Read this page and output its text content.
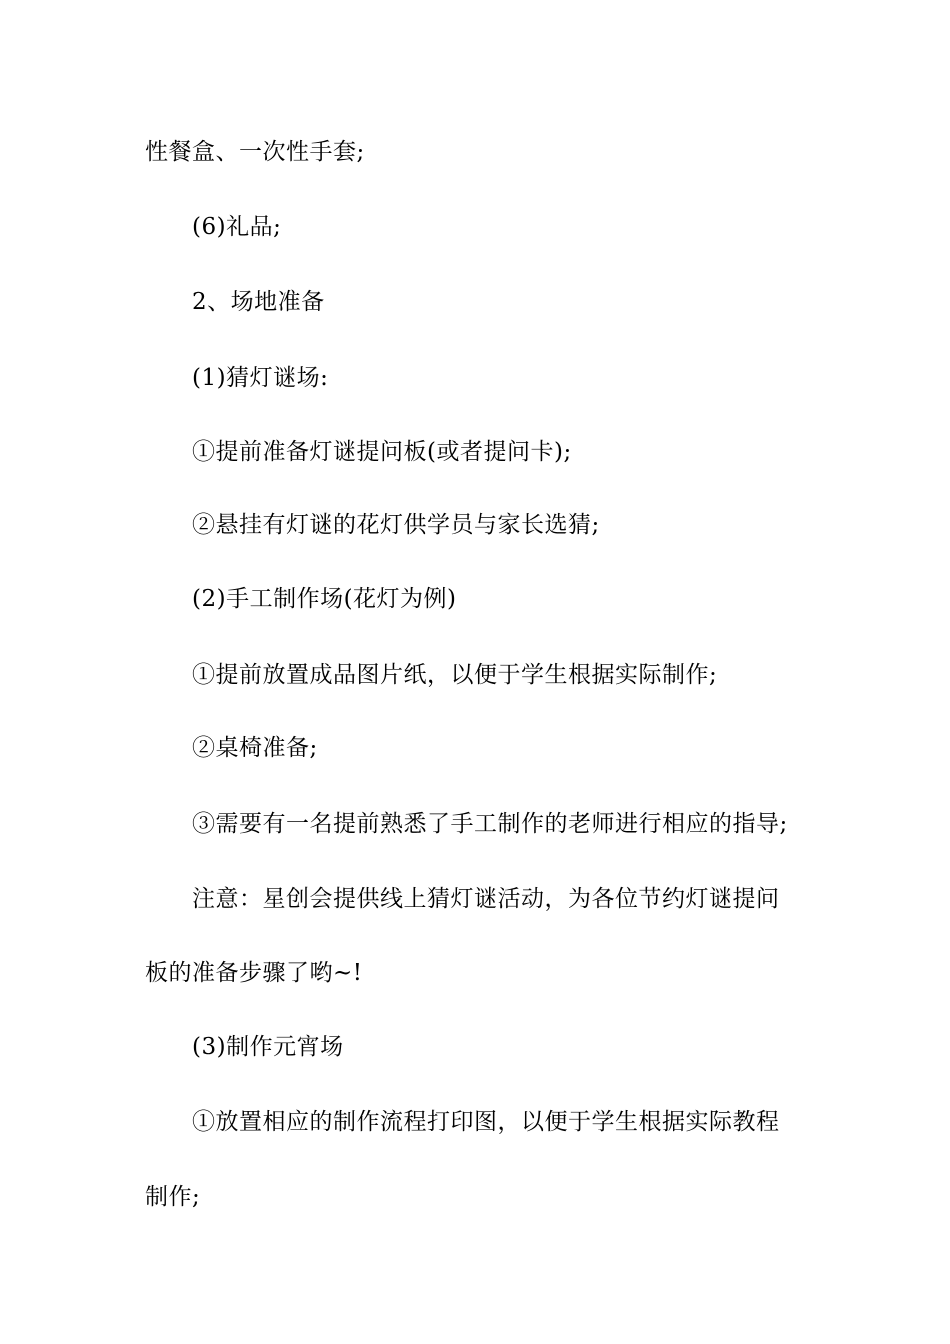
性餐盒、一次性手套;
(6)礼品;
2、场地准备
(1)猜灯谜场:
①提前准备灯谜提问板(或者提问卡);
②悬挂有灯谜的花灯供学员与家长选猜;
(2)手工制作场(花灯为例)
①提前放置成品图片纸，以便于学生根据实际制作;
②桌椅准备;
③需要有一名提前熟悉了手工制作的老师进行相应的指导;
注意：星创会提供线上猜灯谜活动，为各位节约灯谜提问
板的准备步骤了哟~!
(3)制作元宵场
①放置相应的制作流程打印图，以便于学生根据实际教程
制作;
